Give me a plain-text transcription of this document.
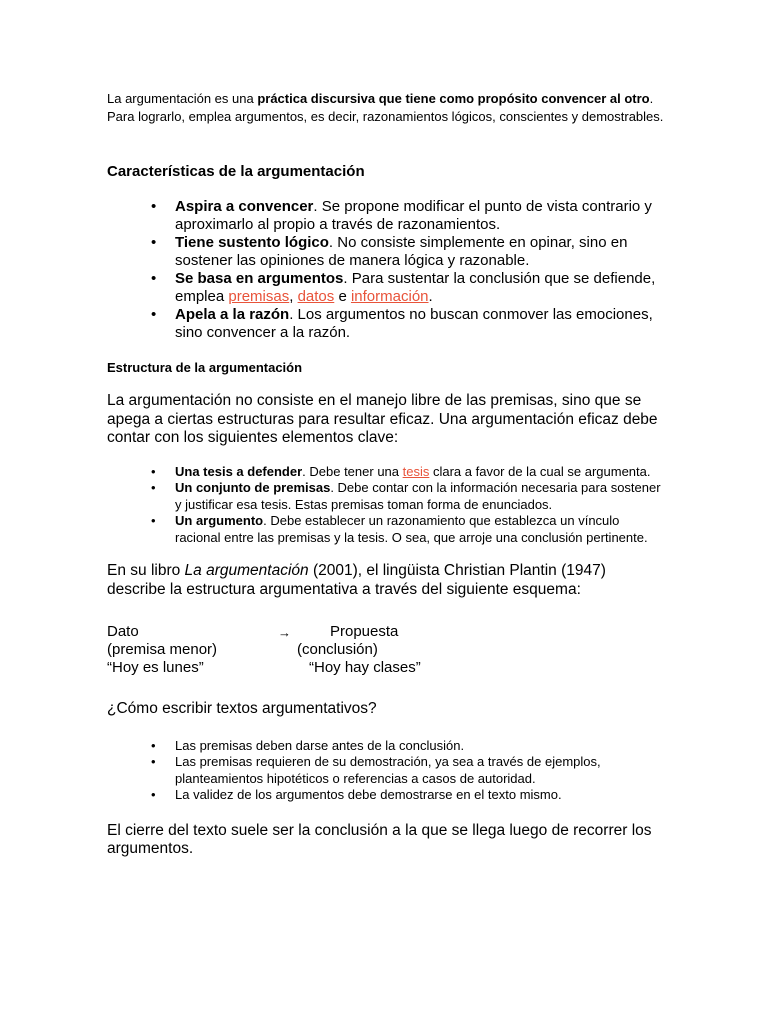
La argumentación es una práctica discursiva que tiene como propósito convencer al otro. Para lograrlo, emplea argumentos, es decir, razonamientos lógicos, conscientes y demostrables.

Características de la argumentación

• Aspira a convencer. Se propone modificar el punto de vista contrario y aproximarlo al propio a través de razonamientos.
• Tiene sustento lógico. No consiste simplemente en opinar, sino en sostener las opiniones de manera lógica y razonable.
• Se basa en argumentos. Para sustentar la conclusión que se defiende, emplea premisas, datos e información.
• Apela a la razón. Los argumentos no buscan conmover las emociones, sino convencer a la razón.

Estructura de la argumentación

La argumentación no consiste en el manejo libre de las premisas, sino que se apega a ciertas estructuras para resultar eficaz. Una argumentación eficaz debe contar con los siguientes elementos clave:

• Una tesis a defender. Debe tener una tesis clara a favor de la cual se argumenta.
• Un conjunto de premisas. Debe contar con la información necesaria para sostener y justificar esa tesis. Estas premisas toman forma de enunciados.
• Un argumento. Debe establecer un razonamiento que establezca un vínculo racional entre las premisas y la tesis. O sea, que arroje una conclusión pertinente.

En su libro La argumentación (2001), el lingüista Christian Plantin (1947) describe la estructura argumentativa a través del siguiente esquema:

Dato	→	Propuesta
(premisa menor)	(conclusión)
“Hoy es lunes”	“Hoy hay clases”

¿Cómo escribir textos argumentativos?

• Las premisas deben darse antes de la conclusión.
• Las premisas requieren de su demostración, ya sea a través de ejemplos, planteamientos hipotéticos o referencias a casos de autoridad.
• La validez de los argumentos debe demostrarse en el texto mismo.

El cierre del texto suele ser la conclusión a la que se llega luego de recorrer los argumentos.
